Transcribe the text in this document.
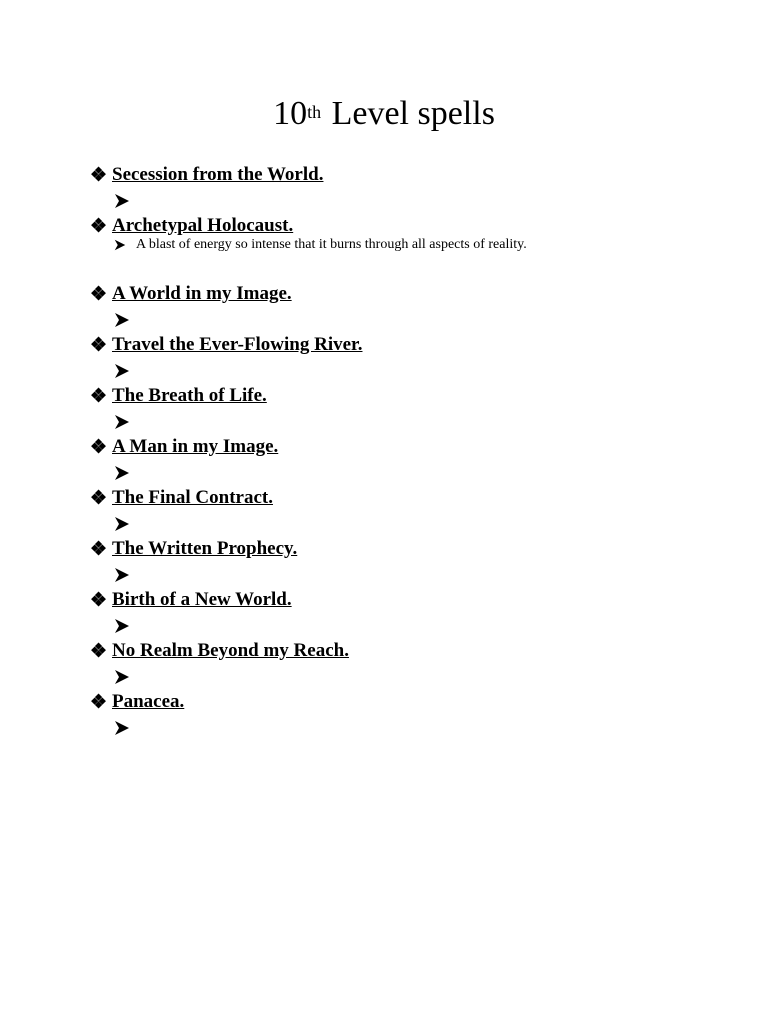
10th Level spells
❖ Secession from the World.
❖ Archetypal Holocaust.
A blast of energy so intense that it burns through all aspects of reality.
❖ A World in my Image.
❖ Travel the Ever-Flowing River.
❖ The Breath of Life.
❖ A Man in my Image.
❖ The Final Contract.
❖ The Written Prophecy.
❖ Birth of a New World.
❖ No Realm Beyond my Reach.
❖ Panacea.
